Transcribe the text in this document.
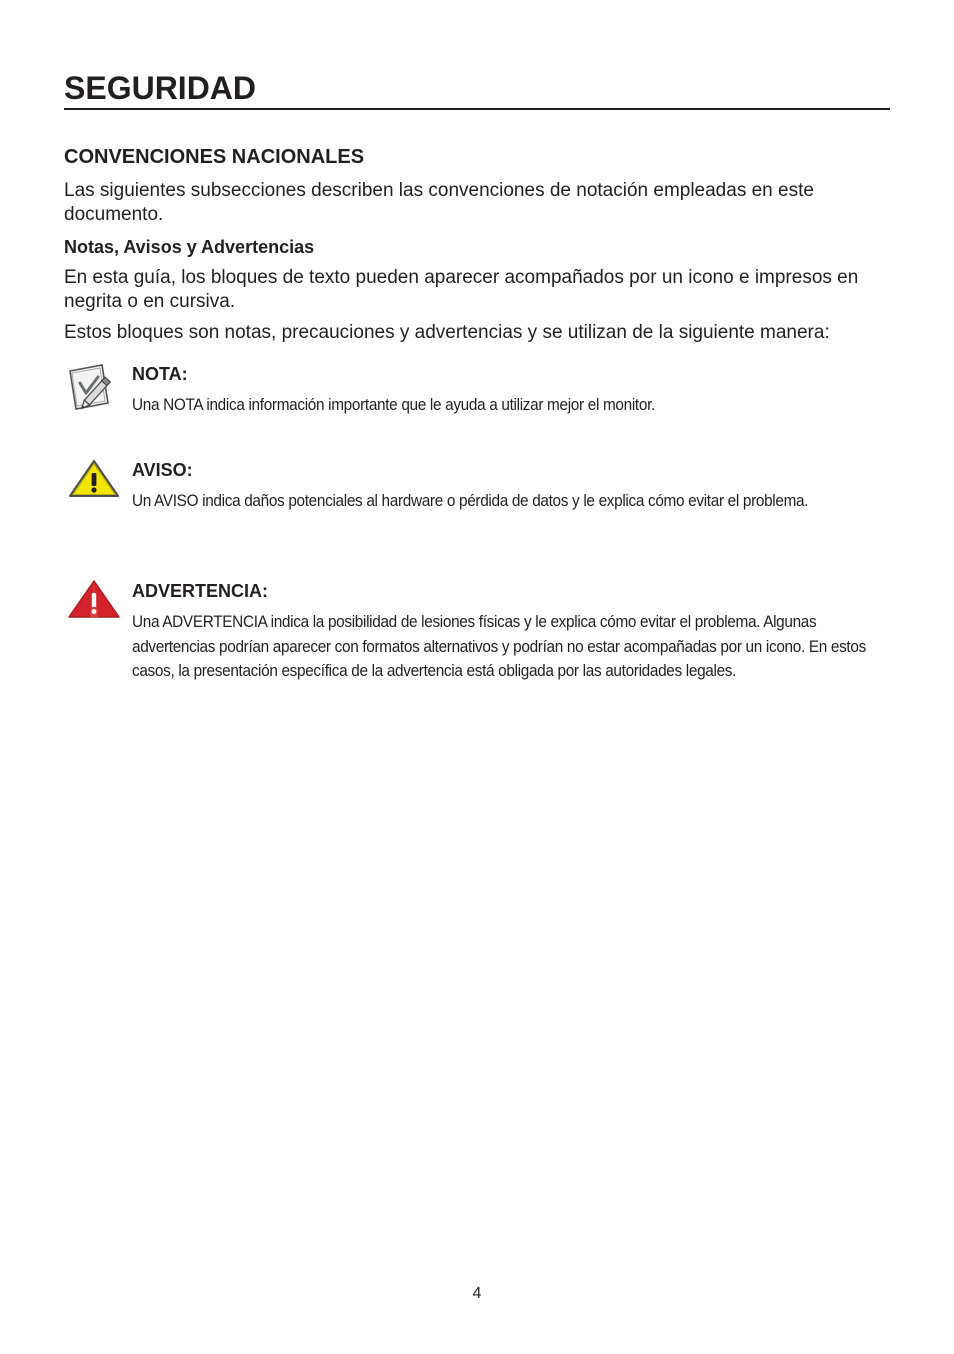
SEGURIDAD
CONVENCIONES NACIONALES

Las siguientes subsecciones describen las convenciones de notación empleadas en este documento.

Notas, Avisos y Advertencias

En esta guía, los bloques de texto pueden aparecer acompañados por un icono e impresos en negrita o en cursiva.

Estos bloques son notas, precauciones y advertencias y se utilizan de la siguiente manera:

NOTA:

Una NOTA indica información importante que le ayuda a utilizar mejor el monitor.

AVISO:

Un AVISO indica daños potenciales al hardware o pérdida de datos y le explica cómo evitar el problema.

ADVERTENCIA:

Una ADVERTENCIA indica la posibilidad de lesiones físicas y le explica cómo evitar el problema. Algunas advertencias podrían aparecer con formatos alternativos y podrían no estar acompañadas por un icono. En estos casos, la presentación específica de la advertencia está obligada por las autoridades legales.

4
